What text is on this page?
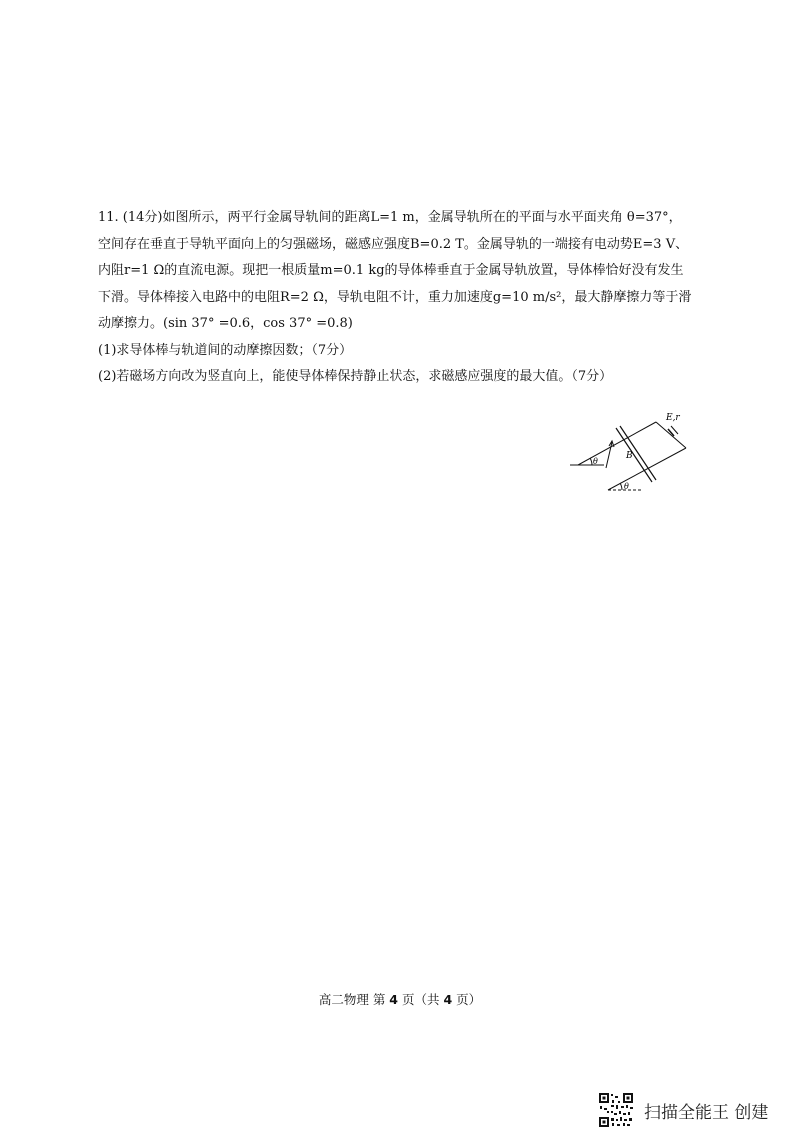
11. (14分)如图所示，两平行金属导轨间的距离L=1 m，金属导轨所在的平面与水平面夹角 θ=37°，
空间存在垂直于导轨平面向上的匀强磁场，磁感应强度B=0.2 T。金属导轨的一端接有电动势E=3 V、
内阻r=1 Ω的直流电源。现把一根质量m=0.1 kg的导体棒垂直于金属导轨放置，导体棒恰好没有发生
下滑。导体棒接入电路中的电阻R=2 Ω，导轨电阻不计，重力加速度g=10 m/s²，最大静摩擦力等于滑
动摩擦力。(sin 37° =0.6，cos 37° =0.8)
(1)求导体棒与轨道间的动摩擦因数；（7分）
(2)若磁场方向改为竖直向上，能使导体棒保持静止状态，求磁感应强度的最大值。（7分）
E,r
B
θ
θ
高二物理 第 4 页（共 4 页）
扫描全能王 创建
